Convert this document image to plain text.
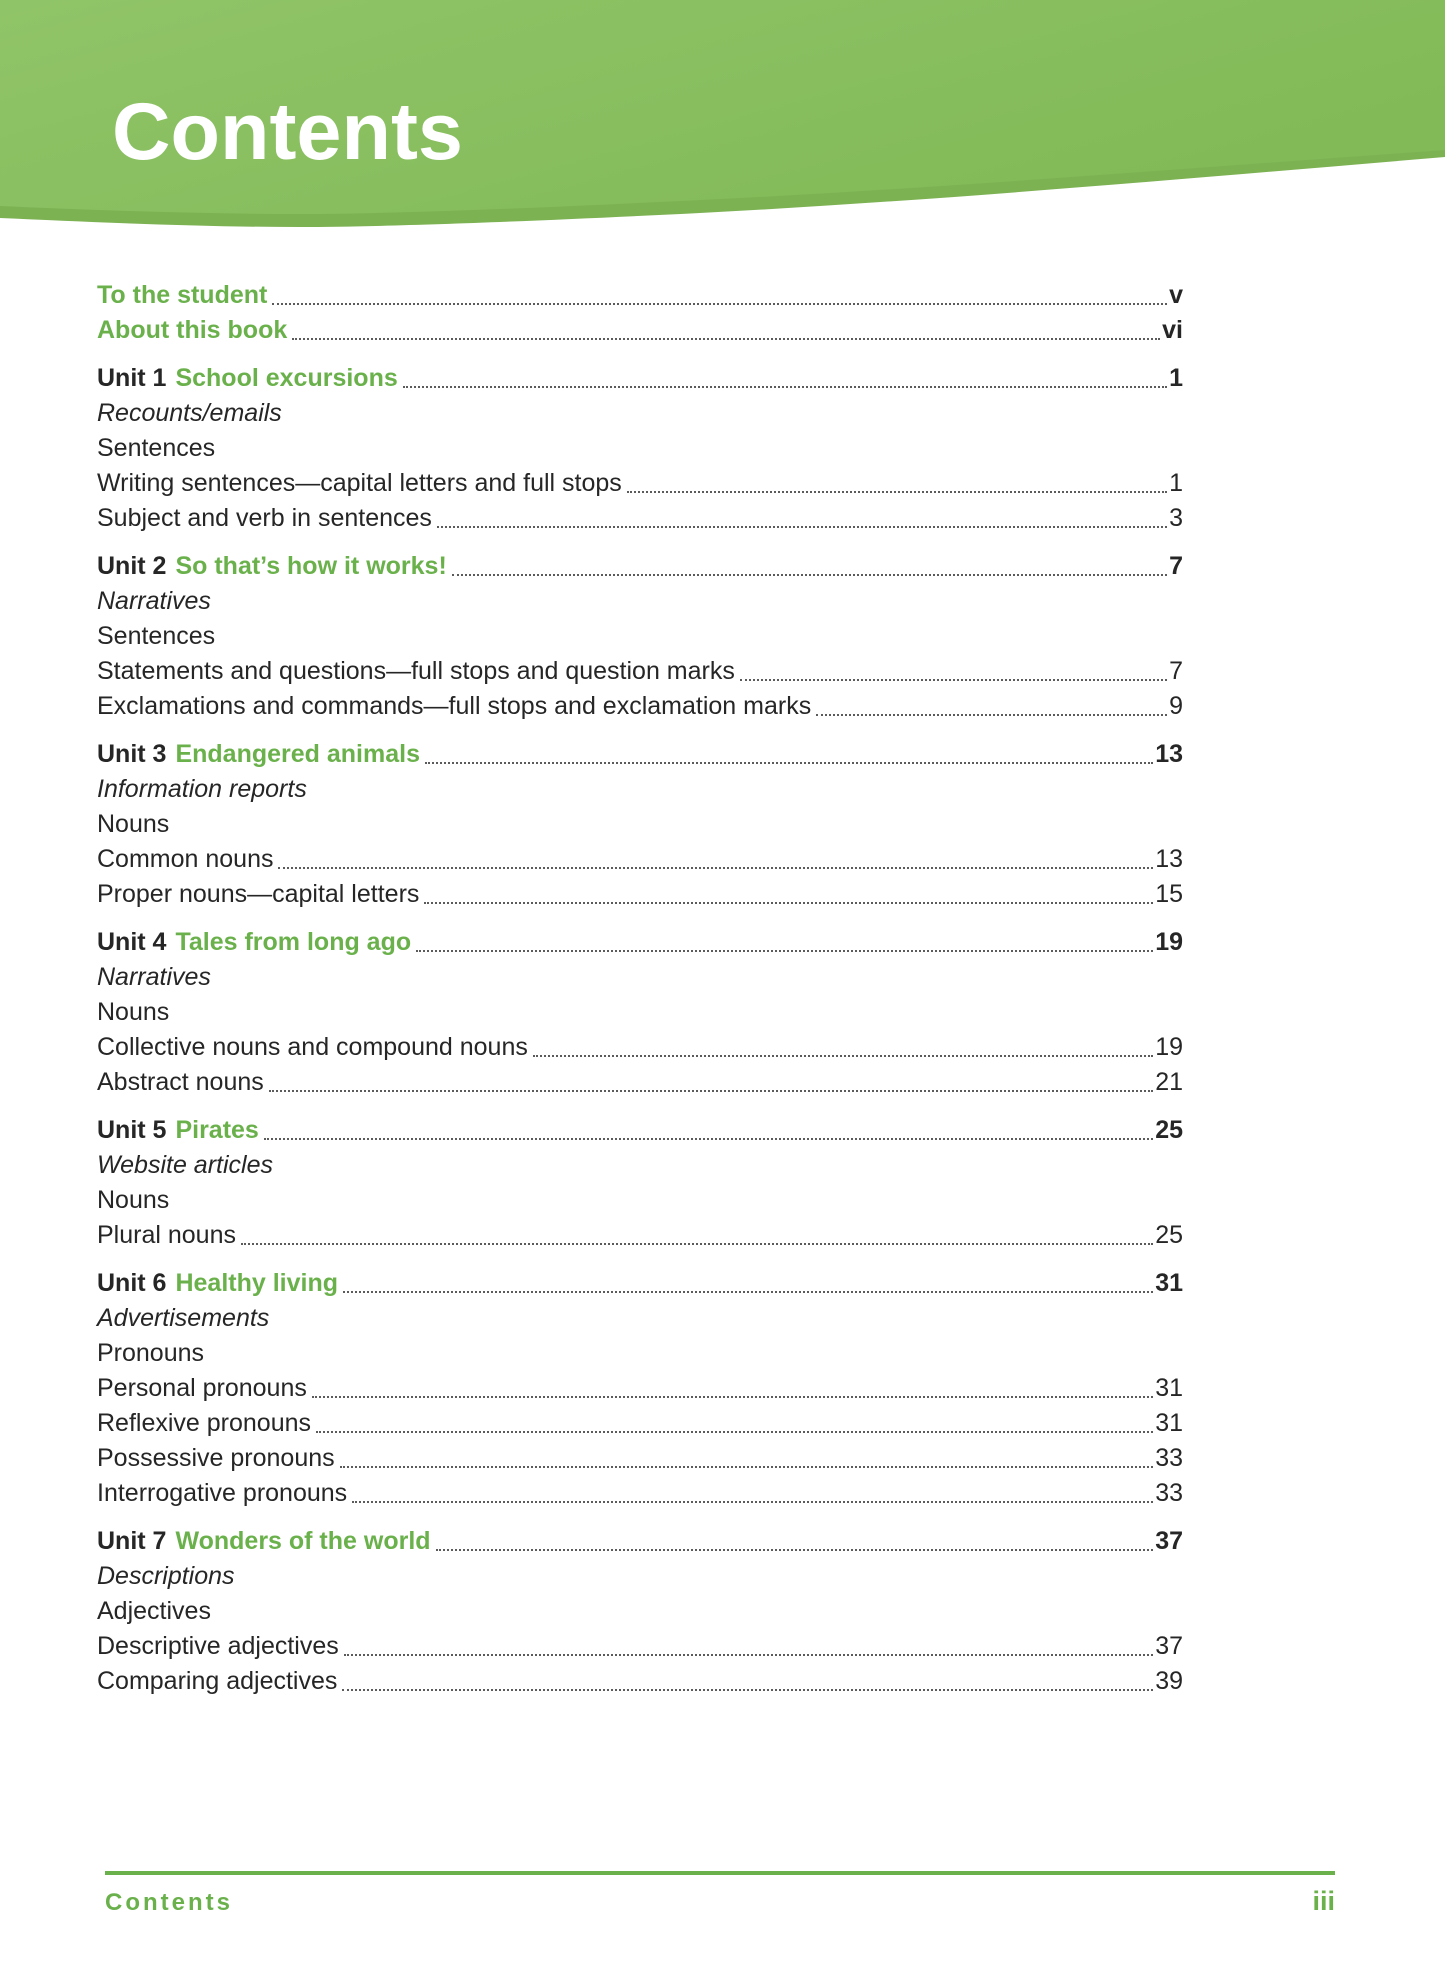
Contents
To the student	v
About this book	vi
Unit 1 School excursions	1
Recounts/emails
Sentences
Writing sentences—capital letters and full stops	1
Subject and verb in sentences	3
Unit 2 So that’s how it works!	7
Narratives
Sentences
Statements and questions—full stops and question marks	7
Exclamations and commands—full stops and exclamation marks	9
Unit 3 Endangered animals	13
Information reports
Nouns
Common nouns	13
Proper nouns—capital letters	15
Unit 4 Tales from long ago	19
Narratives
Nouns
Collective nouns and compound nouns	19
Abstract nouns	21
Unit 5 Pirates	25
Website articles
Nouns
Plural nouns	25
Unit 6 Healthy living	31
Advertisements
Pronouns
Personal pronouns	31
Reflexive pronouns	31
Possessive pronouns	33
Interrogative pronouns	33
Unit 7 Wonders of the world	37
Descriptions
Adjectives
Descriptive adjectives	37
Comparing adjectives	39
Contents	iii
